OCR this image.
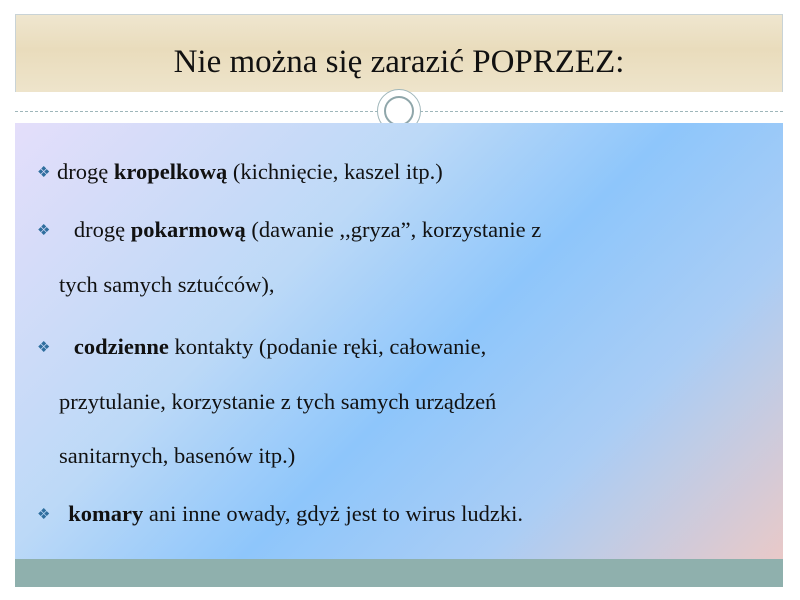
Nie można się zarazić POPRZEZ:
❖ drogę kropelkową (kichnięcie, kaszel itp.)
❖ drogę pokarmową (dawanie ,,gryza”, korzystanie z
tych samych sztućców),
❖ codzienne kontakty (podanie ręki, całowanie,
przytulanie, korzystanie z tych samych urządzeń
sanitarnych, basenów itp.)
❖ komary ani inne owady, gdyż jest to wirus ludzki.
